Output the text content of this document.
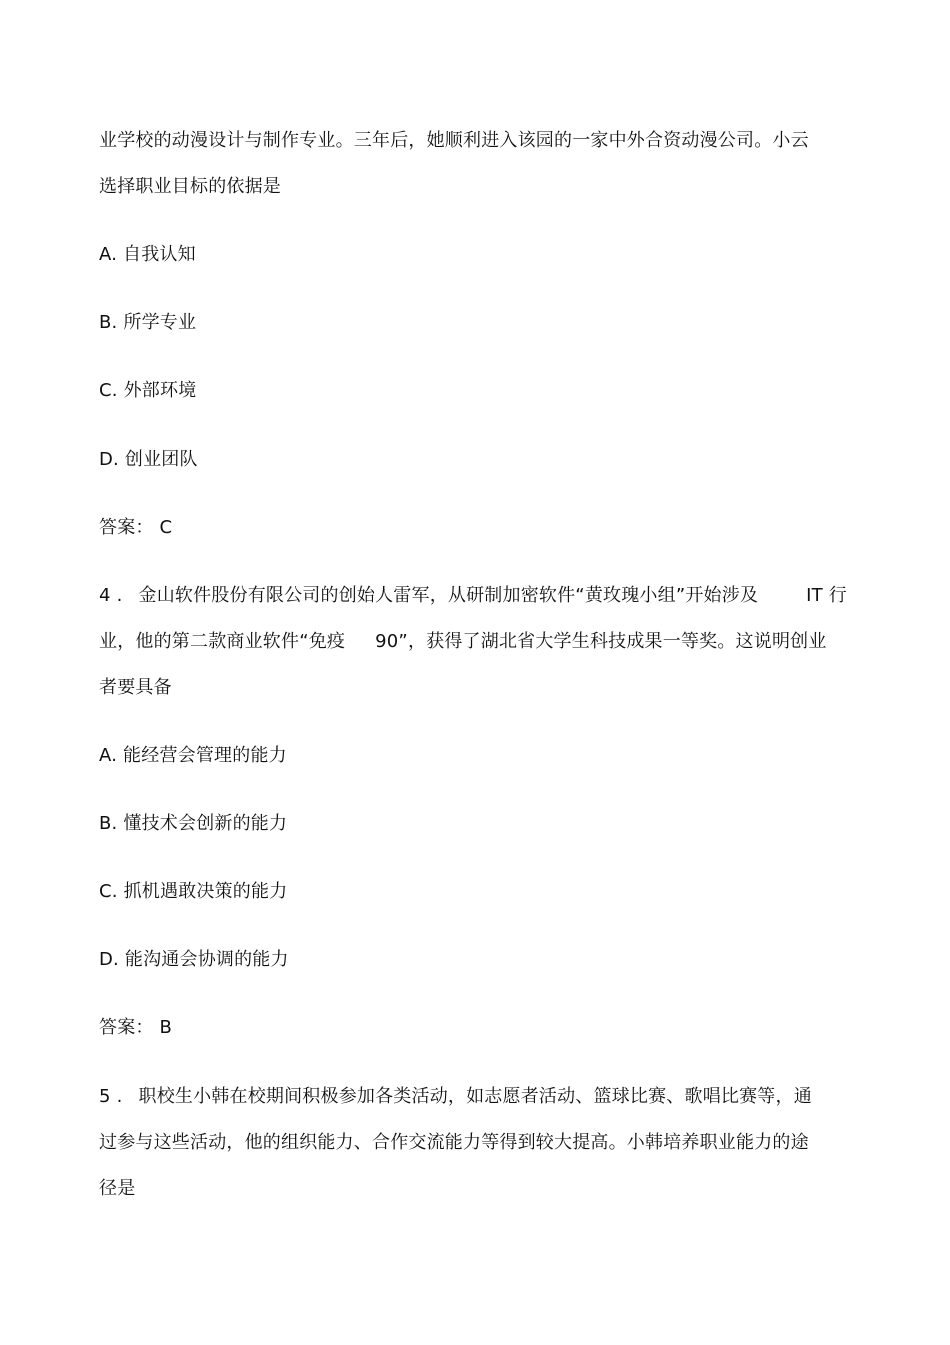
业学校的动漫设计与制作专业。三年后，她顺利进入该园的一家中外合资动漫公司。小云
选择职业目标的依据是
A. 自我认知
B. 所学专业
C. 外部环境
D. 创业团队
答案： C
4 . 金山软件股份有限公司的创始人雷军，从研制加密软件“黄玫瑰小组”开始涉及	IT 行
业，他的第二款商业软件“免疫 90”，获得了湖北省大学生科技成果一等奖。这说明创业
者要具备
A. 能经营会管理的能力
B. 懂技术会创新的能力
C. 抓机遇敢决策的能力
D. 能沟通会协调的能力
答案： B
5 . 职校生小韩在校期间积极参加各类活动，如志愿者活动、篮球比赛、歌唱比赛等，通
过参与这些活动，他的组织能力、合作交流能力等得到较大提高。小韩培养职业能力的途
径是
